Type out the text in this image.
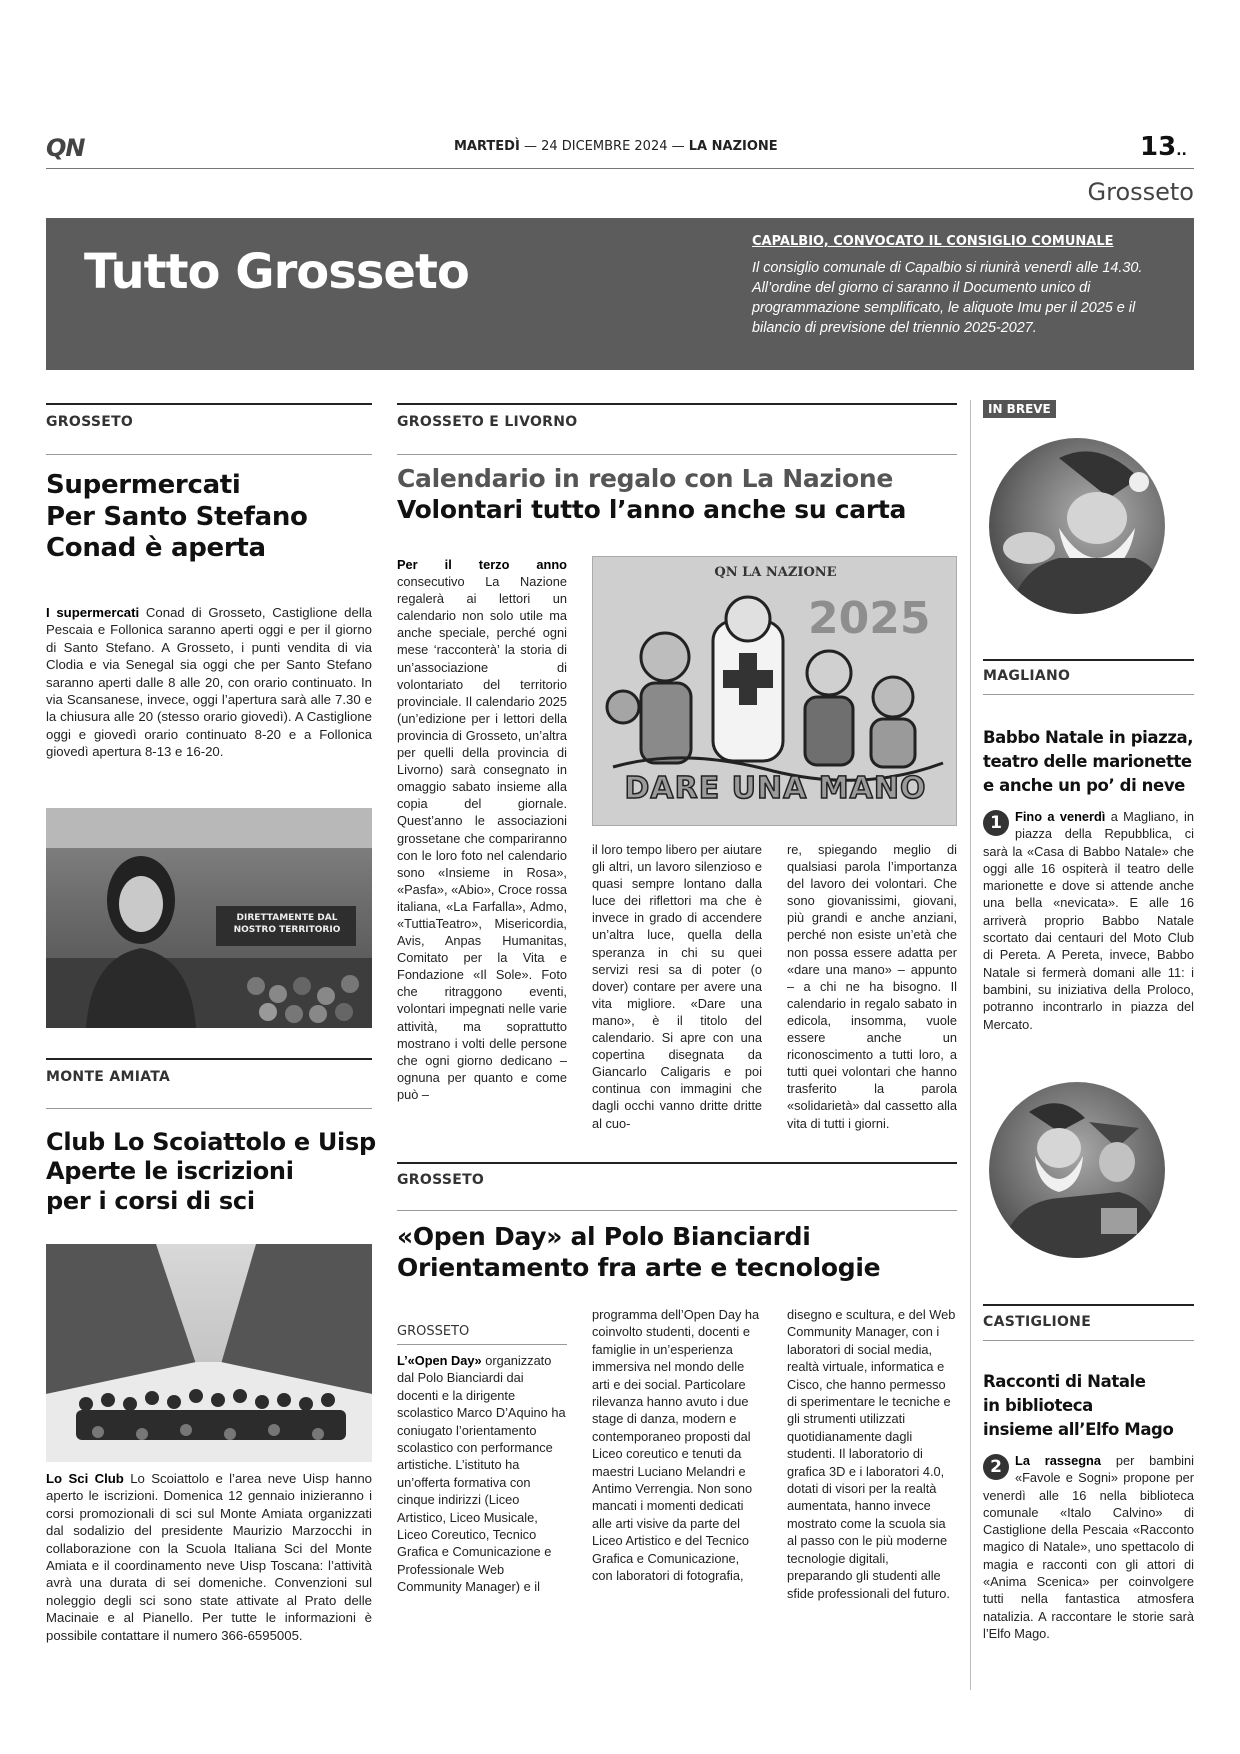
QN	MARTEDÌ — 24 DICEMBRE 2024 — LA NAZIONE	13..
Grosseto
Tutto Grosseto
CAPALBIO, CONVOCATO IL CONSIGLIO COMUNALE
Il consiglio comunale di Capalbio si riunirà venerdì alle 14.30. All’ordine del giorno ci saranno il Documento unico di programmazione semplificato, le aliquote Imu per il 2025 e il bilancio di previsione del triennio 2025-2027.
GROSSETO
Supermercati
Per Santo Stefano
Conad è aperta
I supermercati Conad di Grosseto, Castiglione della Pescaia e Follonica saranno aperti oggi e per il giorno di Santo Stefano. A Grosseto, i punti vendita di via Clodia e via Senegal sia oggi che per Santo Stefano saranno aperti dalle 8 alle 20, con orario continuato. In via Scansanese, invece, oggi l’apertura sarà alle 7.30 e la chiusura alle 20 (stesso orario giovedì). A Castiglione oggi e giovedì orario continuato 8-20 e a Follonica giovedì apertura 8-13 e 16-20.
DIRETTAMENTE DAL
NOSTRO TERRITORIO
MONTE AMIATA
Club Lo Scoiattolo e Uisp
Aperte le iscrizioni
per i corsi di sci
Lo Sci Club Lo Scoiattolo e l’area neve Uisp hanno aperto le iscrizioni. Domenica 12 gennaio inizieranno i corsi promozionali di sci sul Monte Amiata organizzati dal sodalizio del presidente Maurizio Marzocchi in collaborazione con la Scuola Italiana Sci del Monte Amiata e il coordinamento neve Uisp Toscana: l’attività avrà una durata di sei domeniche. Convenzioni sul noleggio degli sci sono state attivate al Prato delle Macinaie e al Pianello. Per tutte le informazioni è possibile contattare il numero 366-6595005.
GROSSETO E LIVORNO
Calendario in regalo con La Nazione
Volontari tutto l’anno anche su carta
Per il terzo anno consecutivo La Nazione regalerà ai lettori un calendario non solo utile ma anche speciale, perché ogni mese ‘racconterà’ la storia di un’associazione di volontariato del territorio provinciale. Il calendario 2025 (un’edizione per i lettori della provincia di Grosseto, un’altra per quelli della provincia di Livorno) sarà consegnato in omaggio sabato insieme alla copia del giornale. Quest’anno le associazioni grossetane che compariranno con le loro foto nel calendario sono «Insieme in Rosa», «Pasfa», «Abio», Croce rossa italiana, «La Farfalla», Admo, «TuttiaTeatro», Misericordia, Avis, Anpas Humanitas, Comitato per la Vita e Fondazione «Il Sole». Foto che ritraggono eventi, volontari impegnati nelle varie attività, ma soprattutto mostrano i volti delle persone che ogni giorno dedicano – ognuna per quanto e come può –
QN LA NAZIONE
2025
DARE UNA MANO
il loro tempo libero per aiutare gli altri, un lavoro silenzioso e quasi sempre lontano dalla luce dei riflettori ma che è invece in grado di accendere un’altra luce, quella della speranza in chi su quei servizi resi sa di poter (o dover) contare per avere una vita migliore. «Dare una mano», è il titolo del calendario. Si apre con una copertina disegnata da Giancarlo Caligaris e poi continua con immagini che dagli occhi vanno dritte dritte al cuo-
re, spiegando meglio di qualsiasi parola l’importanza del lavoro dei volontari. Che sono giovanissimi, giovani, più grandi e anche anziani, perché non esiste un’età che non possa essere adatta per «dare una mano» – appunto – a chi ne ha bisogno. Il calendario in regalo sabato in edicola, insomma, vuole essere anche un riconoscimento a tutti loro, a tutti quei volontari che hanno trasferito la parola «solidarietà» dal cassetto alla vita di tutti i giorni.
GROSSETO
«Open Day» al Polo Bianciardi
Orientamento fra arte e tecnologie
GROSSETO
L’«Open Day» organizzato dal Polo Bianciardi dai docenti e la dirigente scolastico Marco D’Aquino ha coniugato l’orientamento scolastico con performance artistiche. L’istituto ha un’offerta formativa con cinque indirizzi (Liceo Artistico, Liceo Musicale, Liceo Coreutico, Tecnico Grafica e Comunicazione e Professionale Web Community Manager) e il
programma dell’Open Day ha coinvolto studenti, docenti e famiglie in un’esperienza immersiva nel mondo delle arti e dei social. Particolare rilevanza hanno avuto i due stage di danza, modern e contemporaneo proposti dal Liceo coreutico e tenuti da maestri Luciano Melandri e Antimo Verrengia. Non sono mancati i momenti dedicati alle arti visive da parte del Liceo Artistico e del Tecnico Grafica e Comunicazione, con laboratori di fotografia,
disegno e scultura, e del Web Community Manager, con i laboratori di social media, realtà virtuale, informatica e Cisco, che hanno permesso di sperimentare le tecniche e gli strumenti utilizzati quotidianamente dagli studenti. Il laboratorio di grafica 3D e i laboratori 4.0, dotati di visori per la realtà aumentata, hanno invece mostrato come la scuola sia al passo con le più moderne tecnologie digitali, preparando gli studenti alle sfide professionali del futuro.
IN BREVE
MAGLIANO
Babbo Natale in piazza,
teatro delle marionette
e anche un po’ di neve
1	Fino a venerdì a Magliano, in piazza della Repubblica, ci sarà la «Casa di Babbo Natale» che oggi alle 16 ospiterà il teatro delle marionette e dove si attende anche una bella «nevicata». E alle 16 arriverà proprio Babbo Natale scortato dai centauri del Moto Club di Pereta. A Pereta, invece, Babbo Natale si fermerà domani alle 11: i bambini, su iniziativa della Proloco, potranno incontrarlo in piazza del Mercato.
CASTIGLIONE
Racconti di Natale
in biblioteca
insieme all’Elfo Mago
2	La rassegna per bambini «Favole e Sogni» propone per venerdì alle 16 nella biblioteca comunale «Italo Calvino» di Castiglione della Pescaia «Racconto magico di Natale», uno spettacolo di magia e racconti con gli attori di «Anima Scenica» per coinvolgere tutti nella fantastica atmosfera natalizia. A raccontare le storie sarà l’Elfo Mago.
